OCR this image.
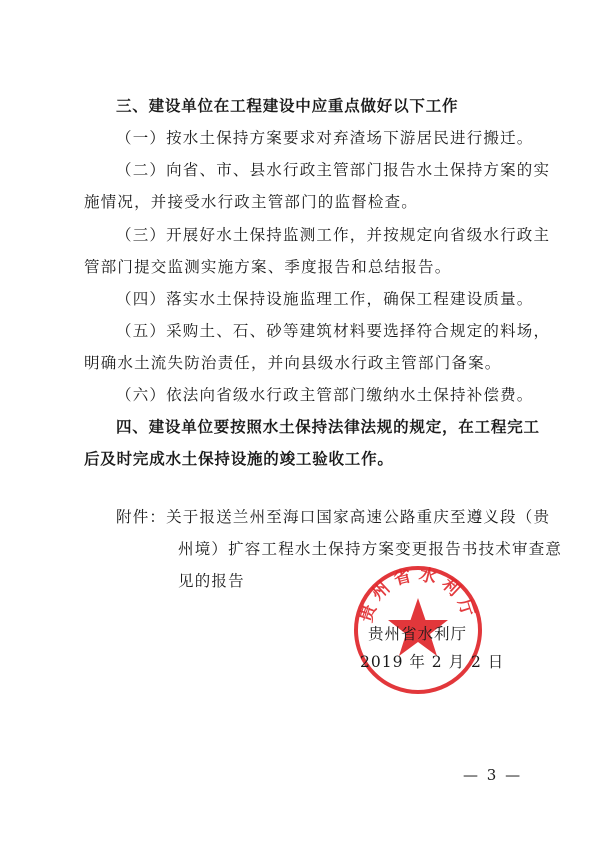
三、建设单位在工程建设中应重点做好以下工作
（一）按水土保持方案要求对弃渣场下游居民进行搬迁。
（二）向省、市、县水行政主管部门报告水土保持方案的实
施情况，并接受水行政主管部门的监督检查。
（三）开展好水土保持监测工作，并按规定向省级水行政主
管部门提交监测实施方案、季度报告和总结报告。
（四）落实水土保持设施监理工作，确保工程建设质量。
（五）采购土、石、砂等建筑材料要选择符合规定的料场，
明确水土流失防治责任，并向县级水行政主管部门备案。
（六）依法向省级水行政主管部门缴纳水土保持补偿费。
四、建设单位要按照水土保持法律法规的规定，在工程完工
后及时完成水土保持设施的竣工验收工作。
附件：关于报送兰州至海口国家高速公路重庆至遵义段（贵
州境）扩容工程水土保持方案变更报告书技术审查意
见的报告
贵州省水利厅
贵州省水利厅
2019 年 2 月 2 日
— 3 —
